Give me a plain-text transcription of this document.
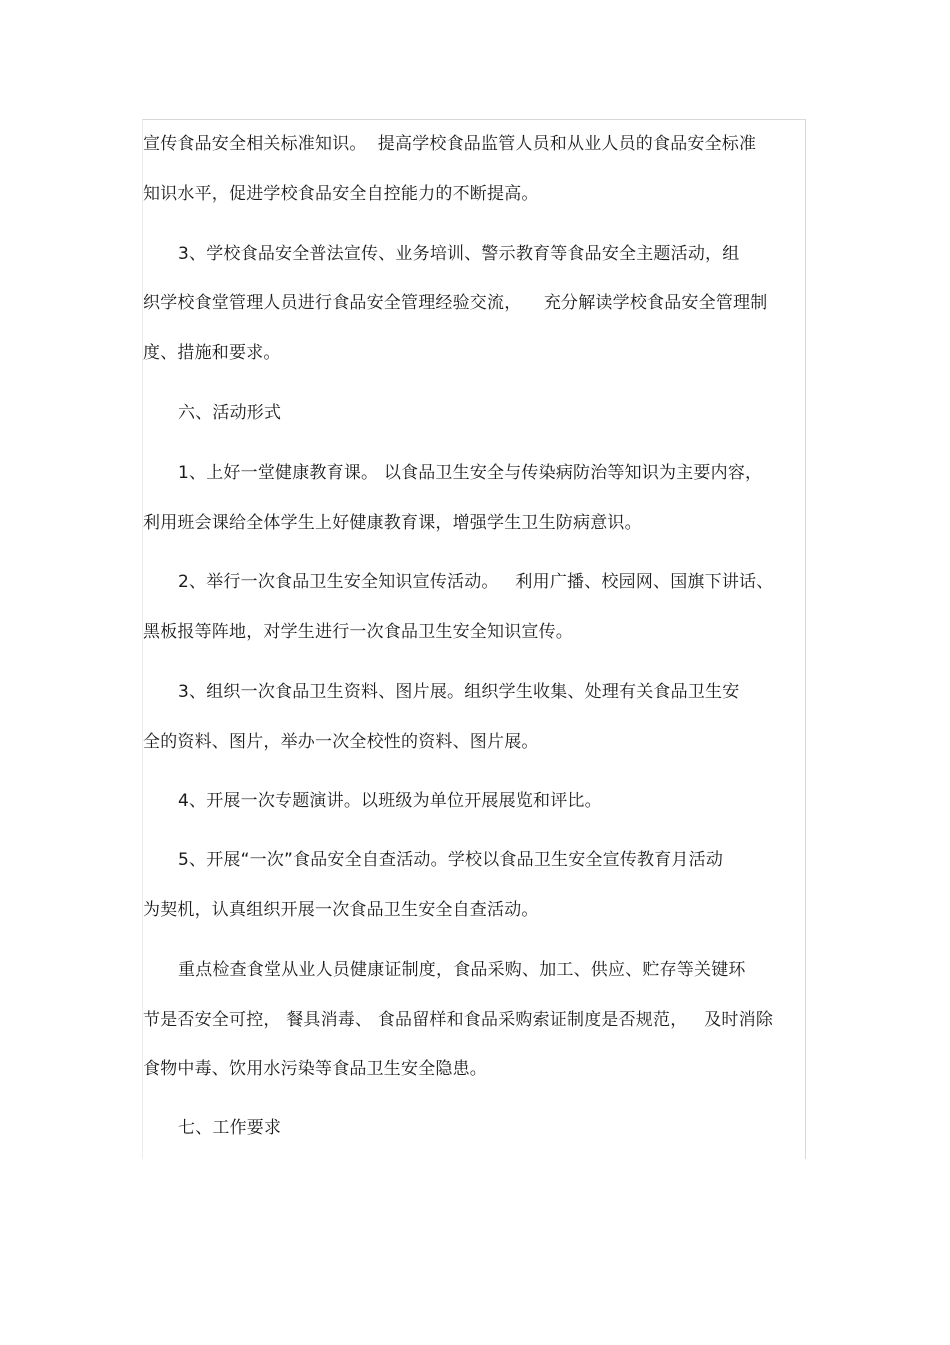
宣传食品安全相关标准知识。  提高学校食品监管人员和从业人员的食品安全标准
知识水平，促进学校食品安全自控能力的不断提高。
3、学校食品安全普法宣传、业务培训、警示教育等食品安全主题活动，组
织学校食堂管理人员进行食品安全管理经验交流，    充分解读学校食品安全管理制
度、措施和要求。
六、活动形式
1、上好一堂健康教育课。 以食品卫生安全与传染病防治等知识为主要内容，
利用班会课给全体学生上好健康教育课，增强学生卫生防病意识。
2、举行一次食品卫生安全知识宣传活动。   利用广播、校园网、国旗下讲话、
黑板报等阵地，对学生进行一次食品卫生安全知识宣传。
3、组织一次食品卫生资料、图片展。组织学生收集、处理有关食品卫生安
全的资料、图片，举办一次全校性的资料、图片展。
4、开展一次专题演讲。以班级为单位开展展览和评比。
5、开展“一次”食品安全自查活动。学校以食品卫生安全宣传教育月活动
为契机，认真组织开展一次食品卫生安全自查活动。
重点检查食堂从业人员健康证制度，食品采购、加工、供应、贮存等关键环
节是否安全可控， 餐具消毒、 食品留样和食品采购索证制度是否规范，   及时消除
食物中毒、饮用水污染等食品卫生安全隐患。
七、工作要求
